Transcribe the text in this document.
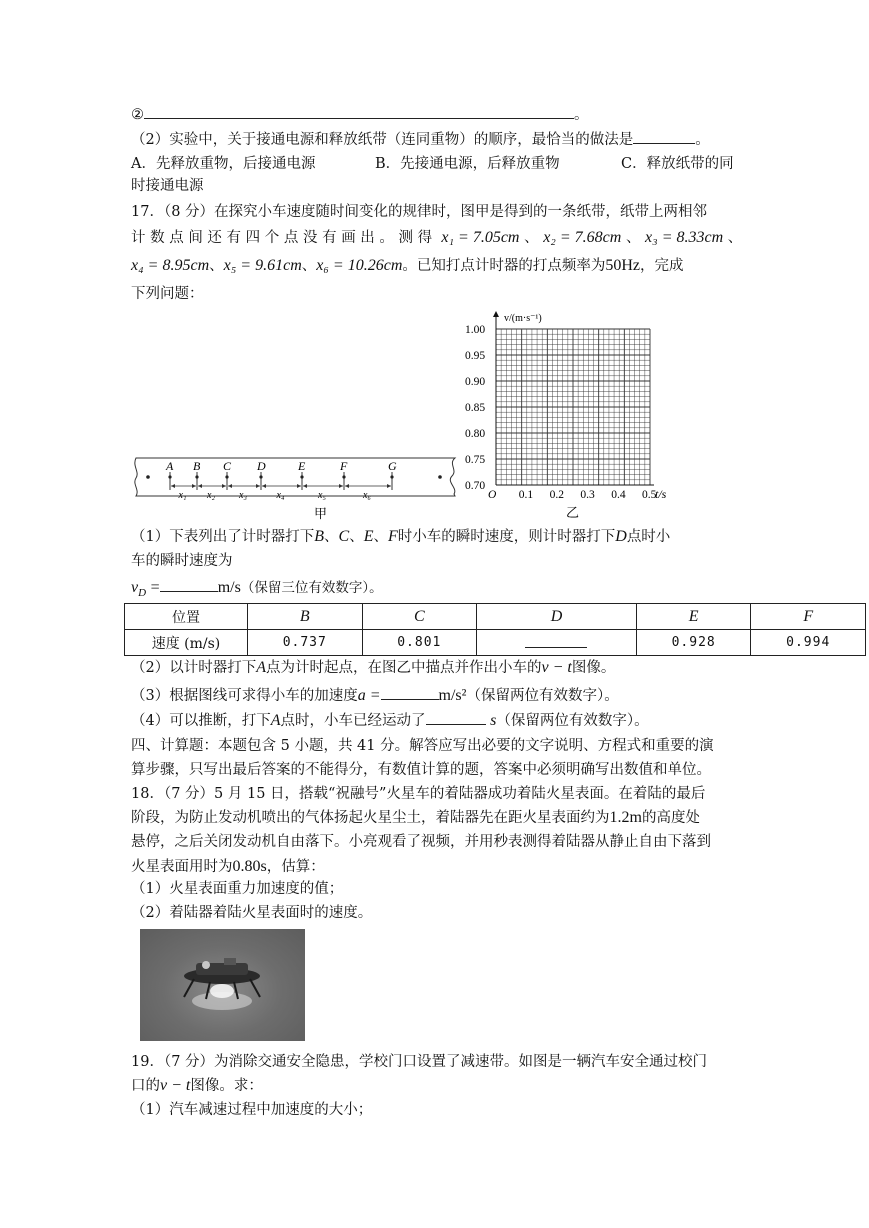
②	。
（2）实验中，关于接通电源和释放纸带（连同重物）的顺序，最恰当的做法是	。
A．先释放重物，后接通电源	B．先接通电源，后释放重物	C．释放纸带的同
时接通电源
17．（8 分）在探究小车速度随时间变化的规律时，图甲是得到的一条纸带，纸带上两相邻
计 数 点 间 还 有 四 个 点 没 有 画 出 。 测 得 x₁ = 7.05cm 、 x₂ = 7.68cm 、 x₃ = 8.33cm 、
x₄ = 8.95cm、x₅ = 9.61cm、x₆ = 10.26cm。已知打点计时器的打点频率为50Hz，完成
下列问题：
A B C D	E	F	G
x₁ x₂ x₃	x₄	x₅	x₆
甲
1.00
0.95
0.90
0.85
0.80
0.75
0.70
O 0.1 0.2 0.3 0.4 0.5
v/(m·s⁻¹)
t/s
乙
（1）下表列出了计时器打下B、C、E、F时小车的瞬时速度，则计时器打下D点时小
车的瞬时速度为
$v_D$ =	m/s（保留三位有效数字）。
位置	B	C	D	E	F
速度 (m/s)	0.737	0.801		0.928	0.994
（2）以计时器打下A点为计时起点，在图乙中描点并作出小车的v − t图像。
（3）根据图线可求得小车的加速度a =	m/s²（保留两位有效数字）。
（4）可以推断，打下A点时，小车已经运动了	s（保留两位有效数字）。
四、计算题：本题包含 5 小题，共 41 分。解答应写出必要的文字说明、方程式和重要的演
算步骤，只写出最后答案的不能得分，有数值计算的题，答案中必须明确写出数值和单位。
18．（7 分）5 月 15 日，搭载“祝融号”火星车的着陆器成功着陆火星表面。在着陆的最后
阶段，为防止发动机喷出的气体扬起火星尘土，着陆器先在距火星表面约为1.2m的高度处
悬停，之后关闭发动机自由落下。小亮观看了视频，并用秒表测得着陆器从静止自由下落到
火星表面用时为0.80s，估算：
（1）火星表面重力加速度的值；
（2）着陆器着陆火星表面时的速度。
19．（7 分）为消除交通安全隐患，学校门口设置了减速带。如图是一辆汽车安全通过校门
口的v − t图像。求：
（1）汽车减速过程中加速度的大小；
